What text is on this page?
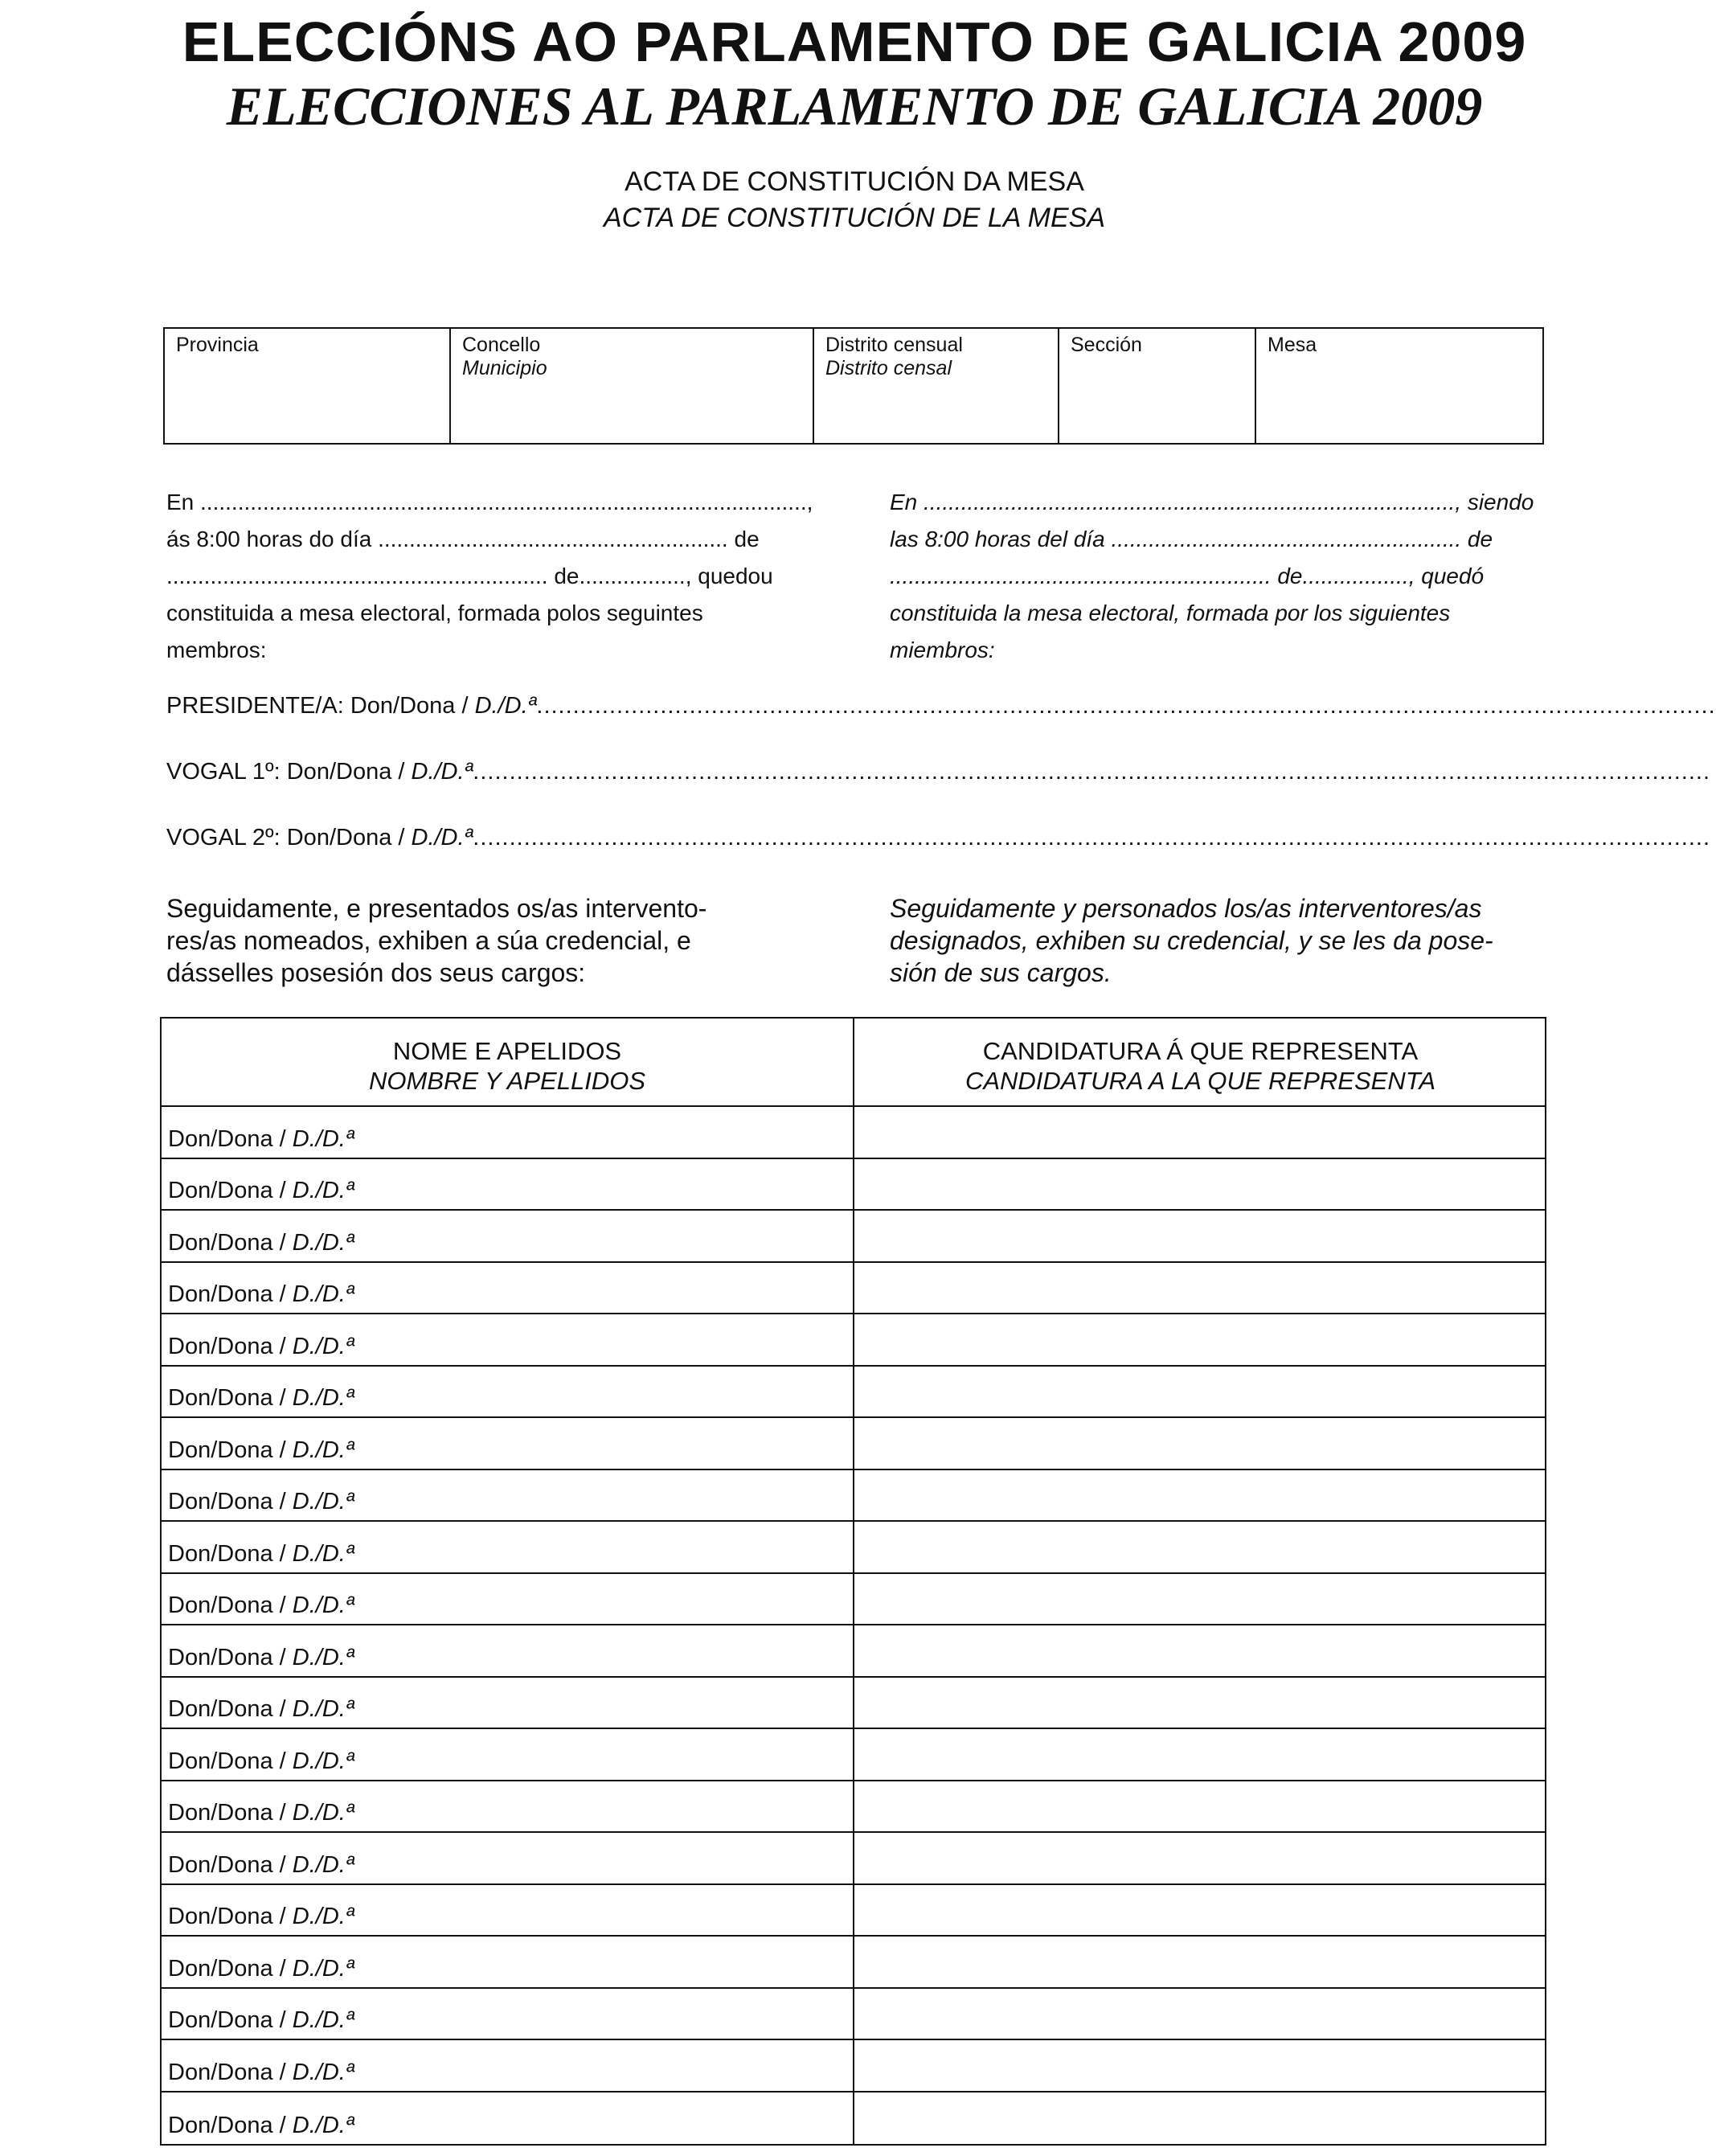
ELECCIÓNS AO PARLAMENTO DE GALICIA 2009
ELECCIONES AL PARLAMENTO DE GALICIA 2009
ACTA DE CONSTITUCIÓN DA MESA
ACTA DE CONSTITUCIÓN DE LA MESA
Provincia	Concello
Municipio
Distrito censual
Distrito censal
Sección	Mesa
En .................................................................................................,
ás 8:00 horas do día ........................................................ de
............................................................. de................., quedou
constituida a mesa electoral, formada polos seguintes
membros:
En ....................................................................................., siendo
las 8:00 horas del día ........................................................ de
............................................................. de................., quedó
constituida la mesa electoral, formada por los siguientes
miembros:
PRESIDENTE/A: Don/Dona / D./D.ª..................................................................................................................................................................
VOGAL 1º: Don/Dona / D./D.ª..........................................................................................................................................................................
VOGAL 2º: Don/Dona / D./D.ª..........................................................................................................................................................................
Seguidamente, e presentados os/as intervento-
res/as nomeados, exhiben a súa credencial, e
dásselles posesión dos seus cargos:
Seguidamente y personados los/as interventores/as
designados, exhiben su credencial, y se les da pose-
sión de sus cargos.
NOME E APELIDOS
NOMBRE Y APELLIDOS
CANDIDATURA Á QUE REPRESENTA
CANDIDATURA A LA QUE REPRESENTA
Don/Dona / D./D.ª
Don/Dona / D./D.ª
Don/Dona / D./D.ª
Don/Dona / D./D.ª
Don/Dona / D./D.ª
Don/Dona / D./D.ª
Don/Dona / D./D.ª
Don/Dona / D./D.ª
Don/Dona / D./D.ª
Don/Dona / D./D.ª
Don/Dona / D./D.ª
Don/Dona / D./D.ª
Don/Dona / D./D.ª
Don/Dona / D./D.ª
Don/Dona / D./D.ª
Don/Dona / D./D.ª
Don/Dona / D./D.ª
Don/Dona / D./D.ª
Don/Dona / D./D.ª
Don/Dona / D./D.ª
